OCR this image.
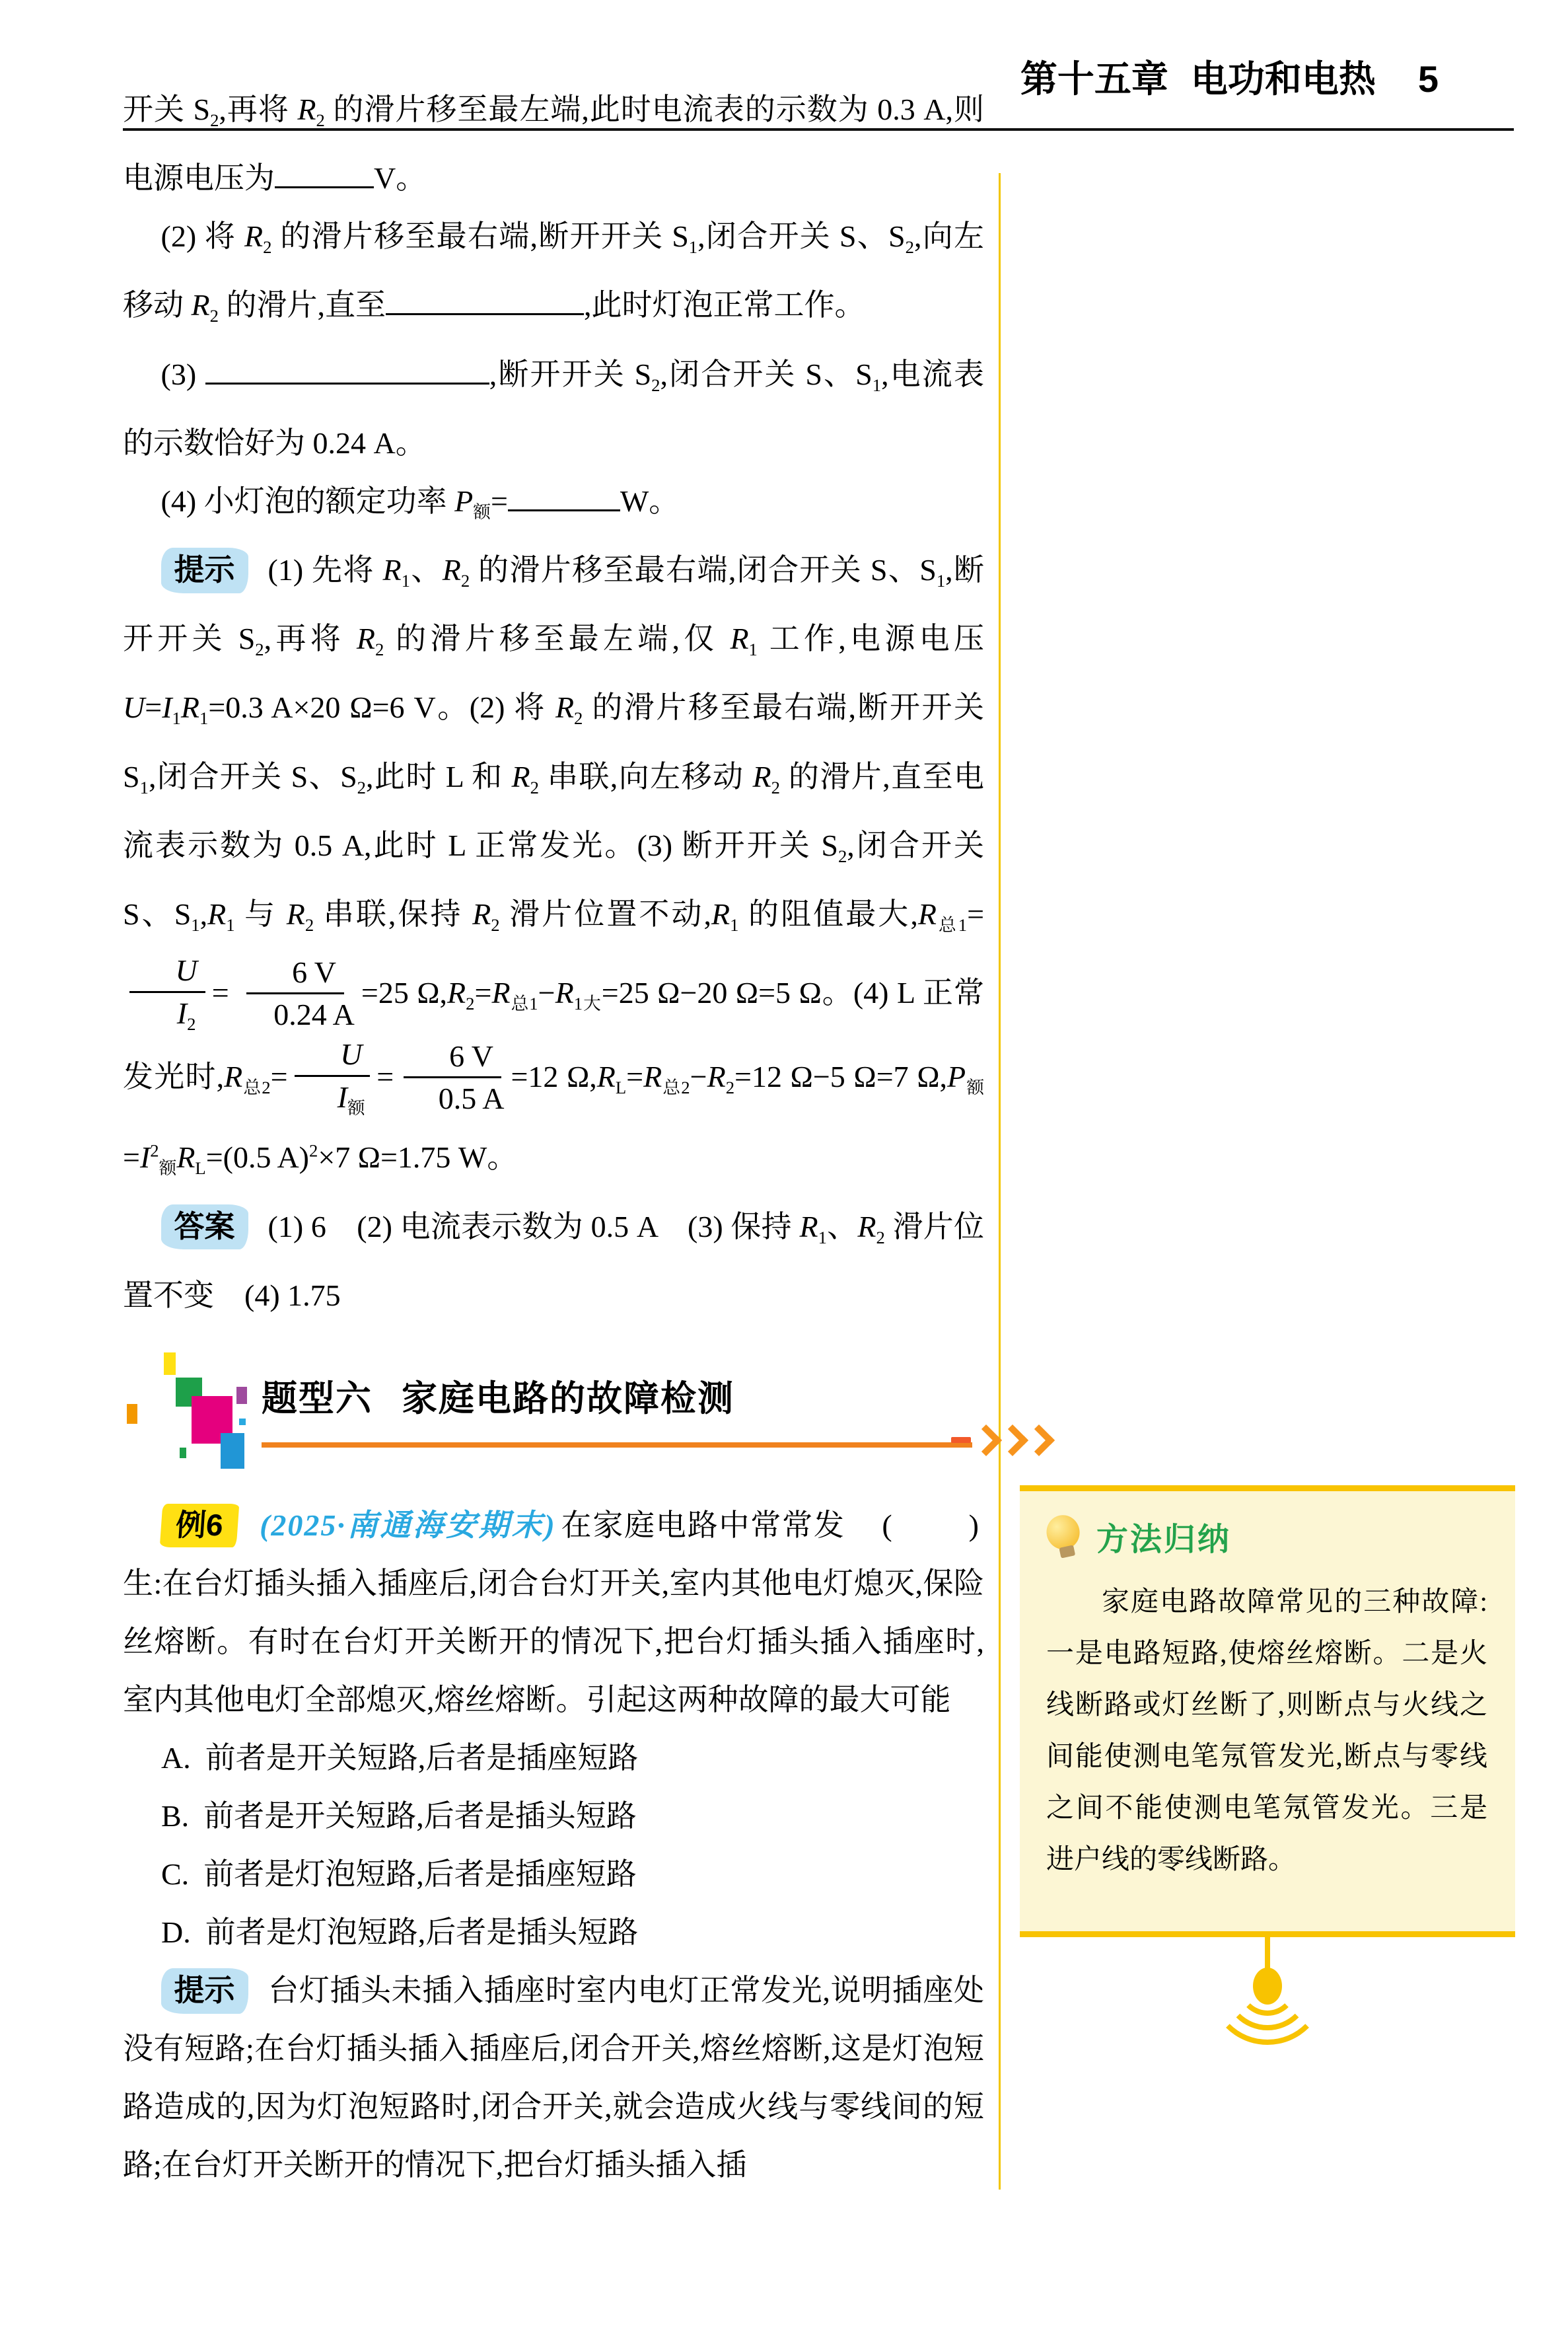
第十五章 电功和电热 5

开关 $S_2$,再将 $R_2$ 的滑片移至最左端,此时电流表的示数为 0.3 A,则电源电压为	V。

(2) 将 $R_2$ 的滑片移至最右端,断开开关 $S_1$,闭合开关 S、$S_2$,向左移动 $R_2$ 的滑片,直至	,此时灯泡正常工作。

(3)	,断开开关 $S_2$,闭合开关 S、$S_1$,电流表的示数恰好为 0.24 A。

(4) 小灯泡的额定功率 $P_额=$	W。

提示 (1) 先将 $R_1$、$R_2$ 的滑片移至最右端,闭合开关 S、$S_1$,断开开关 $S_2$,再将 $R_2$ 的滑片移至最左端,仅 $R_1$ 工作,电源电压 $U=I_1R_1=0.3$ A×20 Ω=6 V。(2) 将 $R_2$ 的滑片移至最右端,断开开关 $S_1$,闭合开关 S、$S_2$,此时 L 和 $R_2$ 串联,向左移动 $R_2$ 的滑片,直至电流表示数为 0.5 A,此时 L 正常发光。(3) 断开开关 $S_2$,闭合开关 S、$S_1,R_1$ 与 $R_2$ 串联,保持 $R_2$ 滑片位置不动$,R_1$ 的阻值最大$,R_{总1}=$
$\frac{U}{I_2} = \frac{6 V}{0.24 A} =25$ $\Omega,R_2=R_{总1}-R_{1大}=25$ Ω−20 Ω=5 Ω。(4) L 正常发光时$,R_{总2}= \frac{U}{I_额} = \frac{6 V}{0.5 A} =12$ $\Omega,R_L=R_{总2}-R_2=12$ Ω−5 Ω=7 $\Omega,P_额=I^2_额R_L=(0.5$ A)$^2$×7 Ω=1.75 W。

答案 (1) 6　(2) 电流表示数为 0.5 A　(3) 保持 $R_1$、$R_2$ 滑片位置不变　(4) 1.75

题型六 家庭电路的故障检测

例6 (2025·南通海安期末)	(　　)
在家庭电路中常常发生:在台灯插头插入插座后,闭合台灯开关,室内其他电灯熄灭,保险丝熔断。有时在台灯开关断开的情况下,把台灯插头插入插座时,室内其他电灯全部熄灭,熔丝熔断。引起这两种故障的最大可能

A. 前者是开关短路,后者是插座短路
B. 前者是开关短路,后者是插头短路
C. 前者是灯泡短路,后者是插座短路
D. 前者是灯泡短路,后者是插头短路

提示 台灯插头未插入插座时室内电灯正常发光,说明插座处没有短路;在台灯插头插入插座后,闭合开关,熔丝熔断,这是灯泡短路造成的,因为灯泡短路时,闭合开关,就会造成火线与零线间的短路;在台灯开关断开的情况下,把台灯插头插入插

方法归纳

家庭电路故障常见的三种故障:一是电路短路,使熔丝熔断。二是火线断路或灯丝断了,则断点与火线之间能使测电笔氖管发光,断点与零线之间不能使测电笔氖管发光。三是进户线的零线断路。
